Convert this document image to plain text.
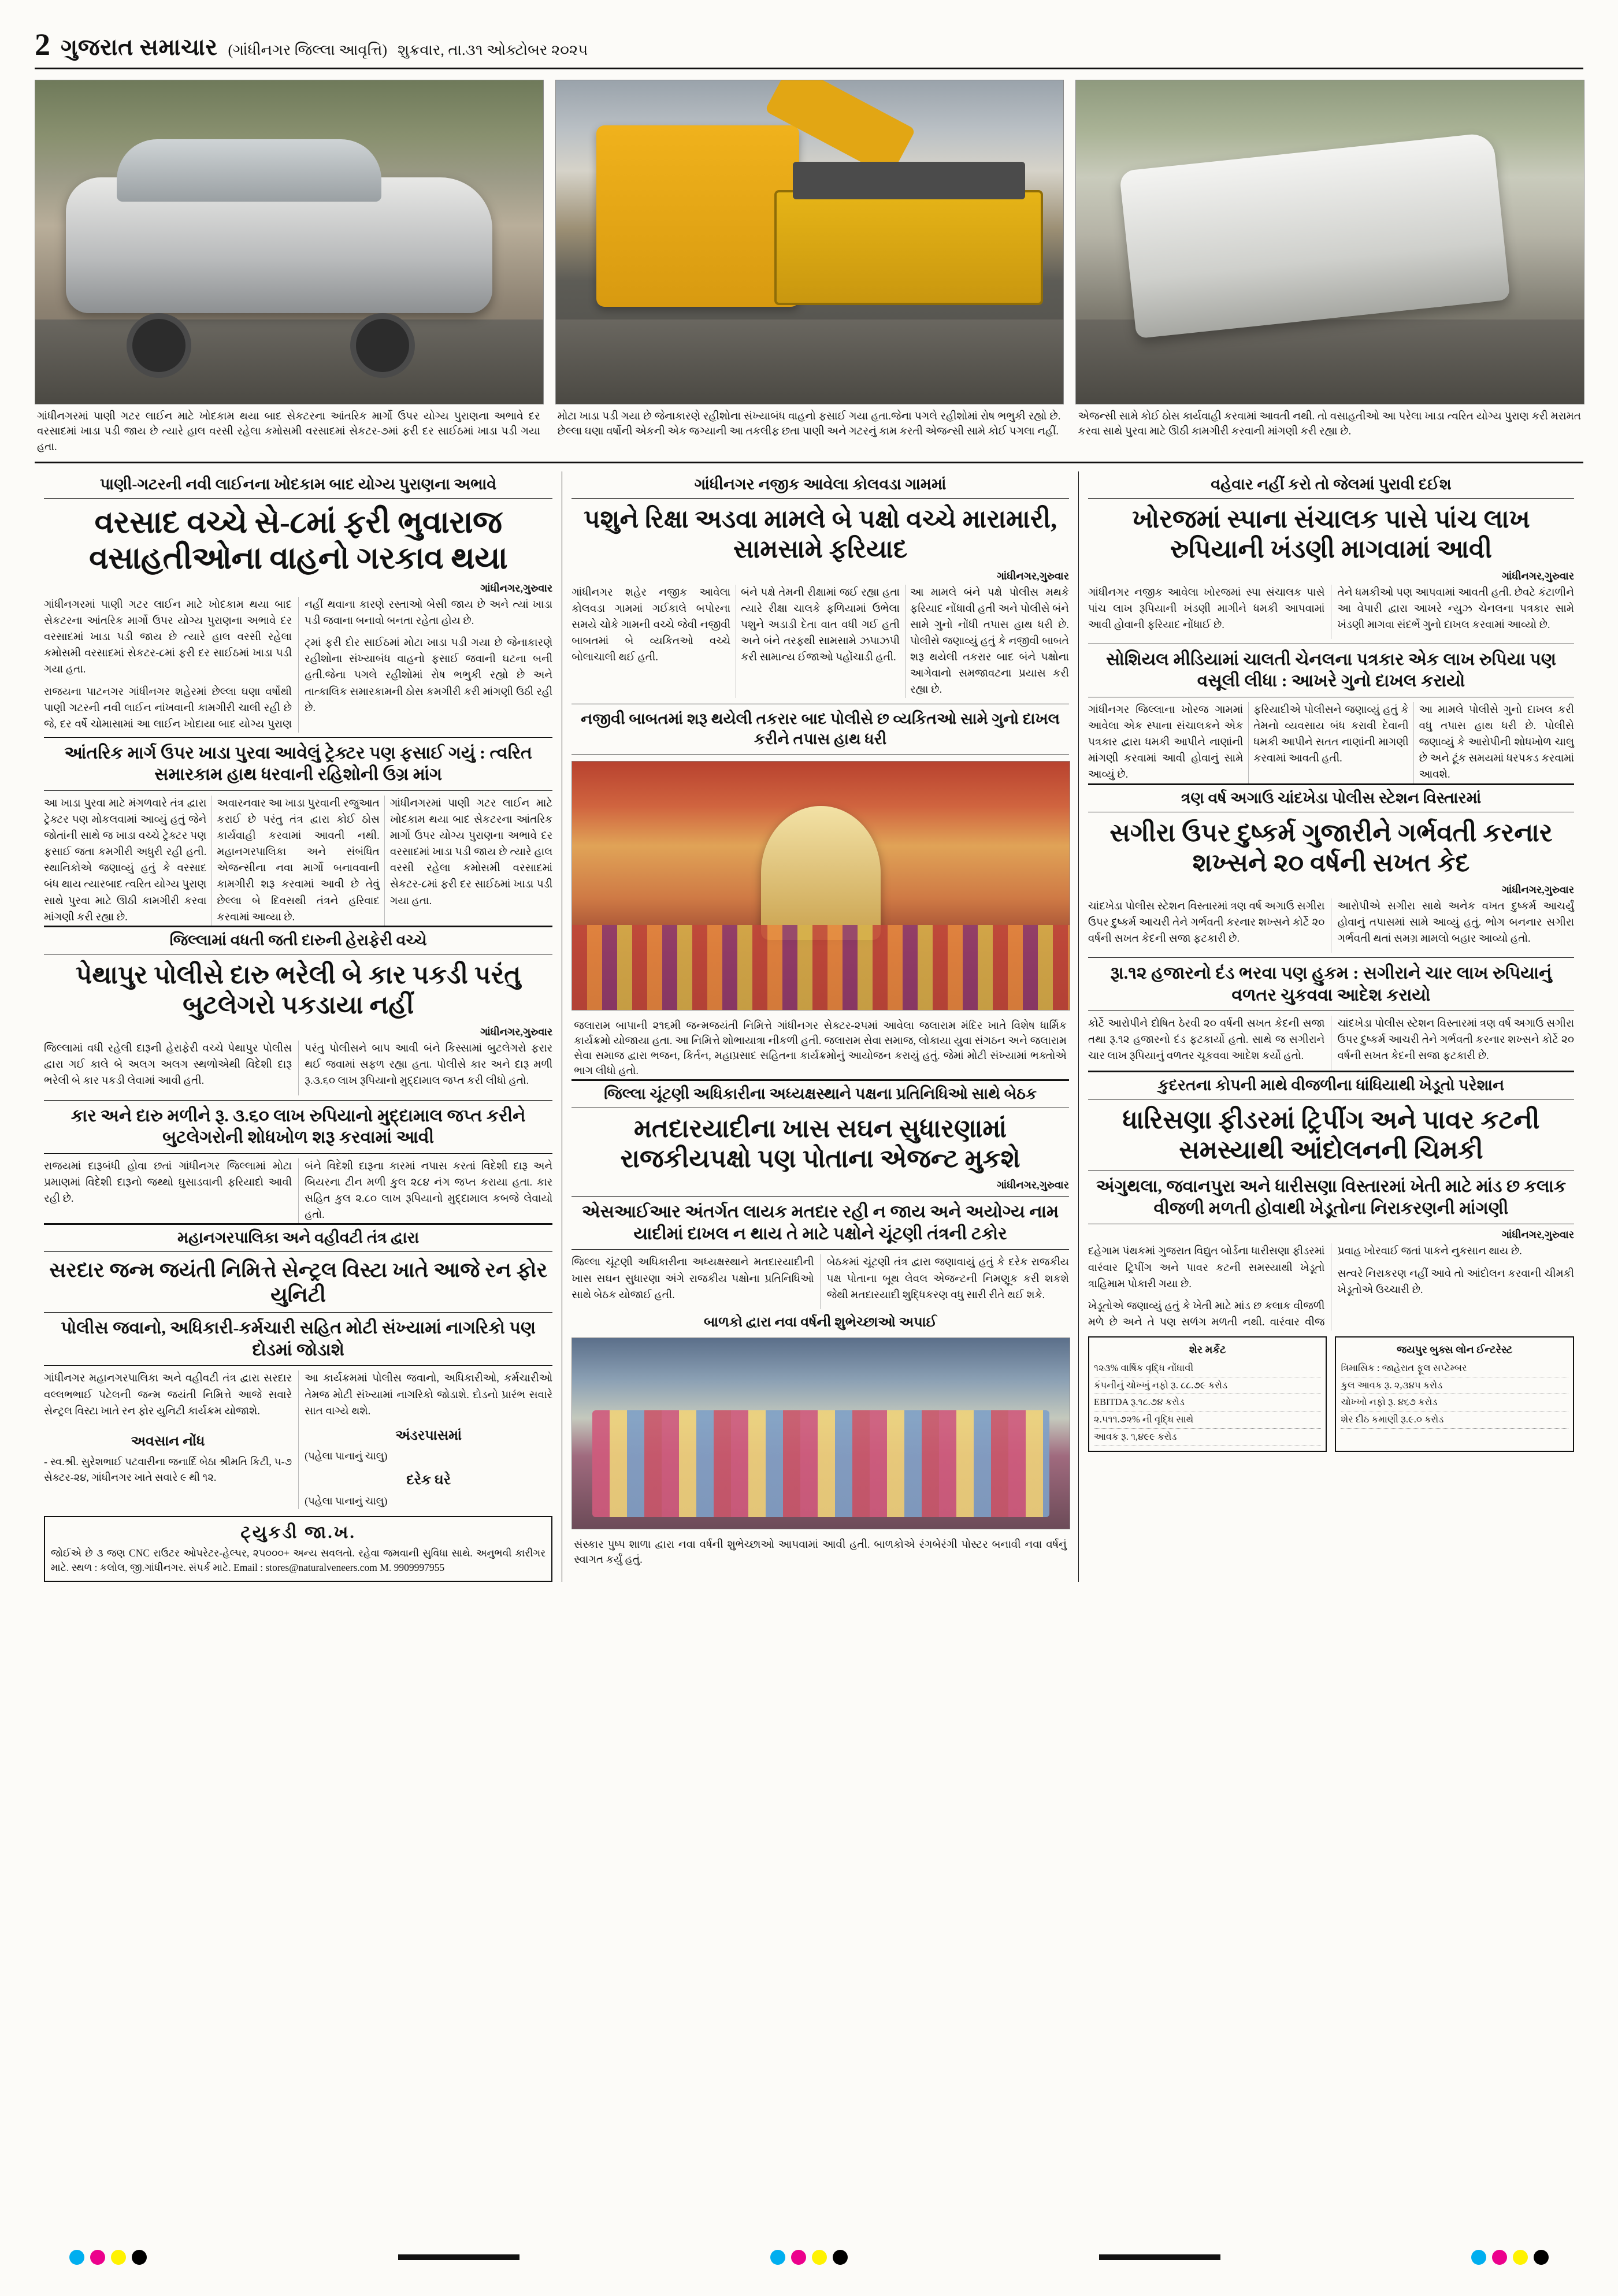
2 ગુજરાત સમાચાર (ગાંધીનગર જિલ્લા આવૃત્તિ) શુક્રવાર, તા.૩૧ ઓક્ટોબર ૨૦૨૫
ગાંધીનગરમાં પાણી ગટર લાઈન માટે ખોદકામ થયા બાદ સેકટરના આંતરિક માર્ગો ઉપર યોગ્ય પુરાણના અભાવે દર વરસાદમાં ખાડા પડી જાય છે ત્યારે હાલ વરસી રહેલા કમોસમી વરસાદમાં સેકટર-૭માં ફરી દર સાઈઠમાં ખાડા પડી ગયા હતા.
મોટા ખાડા પડી ગયા છે જેનાકારણે રહીશોના સંખ્યાબંધ વાહનો ફસાઈ ગયા હતા.જેના પગલે રહીશોમાં રોષ ભભુકી રહ્યો છે. છેલ્લા ઘણા વર્ષોની એકની એક જગ્યાની આ તકલીફ છતા પાણી અને ગટરનું કામ કરતી એજન્સી સામે કોઈ પગલા નહીં.
એજન્સી સામે કોઈ ઠોસ કાર્યવાહી કરવામાં આવતી નથી. તો વસાહતીઓ આ પરેલા ખાડા ત્વરિત યોગ્ય પુરાણ કરી મરામત કરવા સાથે પુરવા માટે ઊઠી કામગીરી કરવાની માંગણી કરી રહ્યા છે.
પાણી-ગટરની નવી લાઈનના ખોદકામ બાદ યોગ્ય પુરાણના અભાવે
વરસાદ વચ્ચે સે-૮માં ફરી ભુવારાજ વસાહતીઓના વાહનો ગરકાવ થયા
ગાંધીનગર,ગુરુવાર

ગાંધીનગરમાં પાણી ગટર લાઈન માટે ખોદકામ થયા બાદ સેકટરના આંતરિક માર્ગો ઉપર યોગ્ય પુરાણના અભાવે દર વરસાદમાં ખાડા પડી જાય છે ત્યારે હાલ વરસી રહેલા કમોસમી વરસાદમાં સેકટર-૮માં ફરી દર સાઈઠમાં ખાડા પડી ગયા હતા.

રાજયના પાટનગર ગાંધીનગર શહેરમાં છેલ્લા ઘણા વર્ષોથી પાણી ગટરની નવી લાઈન નાંખવાની કામગીરી ચાલી રહી છે જે, દર વર્ષે ચોમાસામાં આ લાઈન ખોદાયા બાદ યોગ્ય પુરાણ નહીં થવાના કારણે રસ્તાઓ બેસી જાય છે અને ત્યાં ખાડા પડી જવાના બનાવો બનતા રહેતા હોય છે.

ટ્માં ફરી દોર સાઈઠમાં મોટા ખાડા પડી ગયા છે જેનાકારણે રહીશોના સંખ્યાબંધ વાહનો ફસાઈ જવાની ઘટના બની હતી.જેના પગલે રહીશોમાં રોષ ભભુકી રહ્યો છે અને તાત્કાલિક સમારકામની ઠોસ કમગીરી કરી માંગણી ઉઠી રહી છે.

આંતરિક માર્ગ ઉપર ખાડા પુરવા આવેલું ટ્રેક્ટર પણ ફસાઈ ગયું : ત્વરિત સમારકામ હાથ ધરવાની રહિશોની ઉગ્ર માંગ

આ ખાડા પુરવા માટે મંગળવારે તંત્ર દ્વારા ટ્રેક્ટર પણ મોકલવામાં આવ્યું હતું જેને જોતાંની સાથે જ ખાડા વચ્ચે ટ્રેક્ટર પણ ફસાઈ જતા કમગીરી અધુરી રહી હતી. સ્થાનિકોએ જણાવ્યું હતું કે વરસાદ બંધ થાય ત્યારબાદ ત્વરિત યોગ્ય પુરાણ સાથે પુરવા માટે ઊઠી કામગીરી કરવા માંગણી કરી રહ્યા છે.

અવારનવાર આ ખાડા પુરવાની રજુઆત કરાઈ છે પરંતુ તંત્ર દ્વારા કોઈ ઠોસ કાર્યવાહી કરવામાં આવતી નથી. મહાનગરપાલિકા અને સંબંધિત એજન્સીના નવા માર્ગો બનાવવાની કામગીરી શરૂ કરવામાં આવી છે તેવું છેલ્લા બે દિવસથી તંત્રને હરિવાદ કરવામાં આવ્યા છે.

ગાંધીનગરમાં પાણી ગટર લાઈન માટે ખોદકામ થયા બાદ સેકટરના આંતરિક માર્ગો ઉપર યોગ્ય પુરાણના અભાવે દર વરસાદમાં ખાડા પડી જાય છે ત્યારે હાલ વરસી રહેલા કમોસમી વરસાદમાં સેકટર-૮માં ફરી દર સાઈઠમાં ખાડા પડી ગયા હતા.

જિલ્લામાં વધતી જતી દારુની હેરાફેરી વચ્ચે
પેથાપુર પોલીસે દારુ ભરેલી બે કાર પકડી પરંતુ બુટલેગરો પકડાયા નહીં
ગાંધીનગર,ગુરુવાર

જિલ્લામાં વધી રહેલી દારૂની હેરાફેરી વચ્ચે પેથાપુર પોલીસ દ્વારા ગઈ કાલે બે અલગ અલગ સ્થળોએથી વિદેશી દારૂ ભરેલી બે કાર પકડી લેવામાં આવી હતી.

પરંતુ પોલીસને બાપ આવી બંને કિસ્સામાં બુટલેગરો ફરાર થઈ જવામાં સફળ રહ્યા હતા. પોલીસે કાર અને દારૂ મળી રૂ.૩.૬૦ લાખ રૂપિયાનો મુદ્દામાલ જપ્ત કરી લીધો હતો.

કાર અને દારુ મળીને રૂ. ૩.૬૦ લાખ રુપિયાનો મુદ્દામાલ જપ્ત કરીને બુટલેગરોની શોધખોળ શરૂ કરવામાં આવી

રાજયમાં દારૂબંધી હોવા છતાં ગાંધીનગર જિલ્લામાં મોટા પ્રમાણમાં વિદેશી દારૂનો જથ્થો ઘુસાડવાની ફરિયાદો આવી રહી છે.

બંને વિદેશી દારૂના કારમાં નપાસ કરતાં વિદેશી દારૂ અને બિયરના ટીન મળી કુલ ૨૮૪ નંગ જપ્ત કરાયા હતા. કાર સહિત કુલ ૨.૮૦ લાખ રૂપિયાનો મુદ્દામાલ કબજે લેવાયો હતો.

મહાનગરપાલિકા અને વહીવટી તંત્ર દ્વારા
સરદાર જન્મ જયંતી નિમિત્તે સેન્ટ્રલ વિસ્ટા ખાતે આજે રન ફોર યુનિટી
પોલીસ જવાનો, અધિકારી-કર્મચારી સહિત મોટી સંખ્યામાં નાગરિકો પણ દોડમાં જોડાશે

ગાંધીનગર મહાનગરપાલિકા અને વહીવટી તંત્ર દ્વારા સરદાર વલ્લભભાઈ પટેલની જન્મ જયંતી નિમિત્તે આજે સવારે સેન્ટ્રલ વિસ્ટા ખાતે રન ફોર યુનિટી કાર્યક્રમ યોજાશે.

આ કાર્યક્રમમાં પોલીસ જવાનો, અધિકારીઓ, કર્મચારીઓ તેમજ મોટી સંખ્યામાં નાગરિકો જોડાશે. દોડનો પ્રારંભ સવારે સાત વાગ્યે થશે.

અવસાન નોંધ

- સ્વ.શ્રી. સુરેશભાઈ પટવારીના જનાર્દિ બેઠા શ્રીમતિ કિટી, ૫-૭ સેક્ટર-૨૪, ગાંધીનગર ખાતે સવારે ૯ થી ૧૨.

અંડરપાસમાં

(પહેલા પાનાનું ચાલુ)

દરેક ઘરે

(પહેલા પાનાનું ચાલુ)

ટ્યુકડી જા.ખ.
જોઈએ છે ૩ જણ CNC રાઉટર ઓપરેટર-હેલ્પર, ૨૫૦૦૦+ અન્ય સવલતો. રહેવા જમવાની સુવિધા સાથે. અનુભવી કારીગર માટે. સ્થળ : કલોલ, જી.ગાંધીનગર. સંપર્ક માટે. Email : stores@naturalveneers.com M. 9909997955
ગાંધીનગર નજીક આવેલા કોલવડા ગામમાં
પશુને રિક્ષા અડવા મામલે બે પક્ષો વચ્ચે મારામારી, સામસામે ફરિયાદ
ગાંધીનગર,ગુરુવાર

ગાંધીનગર શહેર નજીક આવેલા કોલવડા ગામમાં ગઈકાલે બપોરના સમયે ચોકે ગામની વચ્ચે જેવી નજીવી બાબતમાં બે વ્યકિતઓ વચ્ચે બોલાચાલી થઈ હતી.

બંને પક્ષે તેમની રીક્ષામાં જઈ રહ્યા હતા ત્યારે રીક્ષા ચાલકે ફળિયામાં ઉભેલા પશુને અડાડી દેતા વાત વધી ગઈ હતી અને બંને તરફથી સામસામે ઝપાઝપી કરી સામાન્ય ઈજાઓ પહોંચાડી હતી.

આ મામલે બંને પક્ષે પોલીસ મથકે ફરિયાદ નોંધાવી હતી અને પોલીસે બંને સામે ગુનો નોંધી તપાસ હાથ ધરી છે. પોલીસે જણાવ્યું હતું કે નજીવી બાબતે શરૂ થયેલી તકરાર બાદ બંને પક્ષોના આગેવાનો સમજાવટના પ્રયાસ કરી રહ્યા છે.

નજીવી બાબતમાં શરૂ થયેલી તકરાર બાદ પોલીસે છ વ્યકિતઓ સામે ગુનો દાખલ કરીને તપાસ હાથ ધરી
જલારામ બાપાની ૨૧૬મી જન્મજયંતી નિમિત્તે ગાંધીનગર સેક્ટર-૨૫માં આવેલા જલારામ મંદિર ખાતે વિશેષ ધાર્મિક કાર્યક્રમો યોજાયા હતા. આ નિમિત્તે શોભાયાત્રા નીકળી હતી. જલારામ સેવા સમાજ, લોકાયા યુવા સંગઠન અને જલારામ સેવા સમાજ દ્વારા ભજન, કિર્તન, મહાપ્રસાદ સહિતના કાર્યક્રમોનું આયોજન કરાયું હતું. જેમાં મોટી સંખ્યામાં ભક્તોએ ભાગ લીધો હતો.
જિલ્લા ચૂંટણી અધિકારીના અધ્યક્ષસ્થાને પક્ષના પ્રતિનિધિઓ સાથે બેઠક
મતદારયાદીના ખાસ સઘન સુધારણામાં રાજકીયપક્ષો પણ પોતાના એજન્ટ મુકશે
ગાંધીનગર,ગુરુવાર
એસઆઈઆર અંતર્ગત લાયક મતદાર રહી ન જાય અને અયોગ્ય નામ યાદીમાં દાખલ ન થાય તે માટે પક્ષોને ચૂંટણી તંત્રની ટકોર

જિલ્લા ચૂંટણી અધિકારીના અધ્યક્ષસ્થાને મતદારયાદીની ખાસ સઘન સુધારણા અંગે રાજકીય પક્ષોના પ્રતિનિધિઓ સાથે બેઠક યોજાઈ હતી.

બેઠકમાં ચૂંટણી તંત્ર દ્વારા જણાવાયું હતું કે દરેક રાજકીય પક્ષ પોતાના બૂથ લેવલ એજન્ટની નિમણૂક કરી શકશે જેથી મતદારયાદી શુદ્ધિકરણ વધુ સારી રીતે થઈ શકે.

બાળકો દ્વારા નવા વર્ષની શુભેચ્છાઓ અપાઈ
સંસ્કાર પુષ્પ શાળા દ્વારા નવા વર્ષની શુભેચ્છાઓ આપવામાં આવી હતી. બાળકોએ રંગબેરંગી પોસ્ટર બનાવી નવા વર્ષનું સ્વાગત કર્યું હતું.
વહેવાર નહીં કરો તો જેલમાં પુરાવી દઈશ
ખોરજમાં સ્પાના સંચાલક પાસે પાંચ લાખ રુપિયાની ખંડણી માગવામાં આવી
ગાંધીનગર,ગુરુવાર

ગાંધીનગર નજીક આવેલા ખોરજમાં સ્પા સંચાલક પાસે પાંચ લાખ રૂપિયાની ખંડણી માગીને ધમકી આપવામાં આવી હોવાની ફરિયાદ નોંધાઈ છે.

તેને ધમકીઓ પણ આપવામાં આવતી હતી. છેવટે કંટાળીને આ વેપારી દ્વારા આખરે ન્યુઝ ચેનલના પત્રકાર સામે ખંડણી માગવા સંદર્ભે ગુનો દાખલ કરવામાં આવ્યો છે.

સોશિયલ મીડિયામાં ચાલતી ચેનલના પત્રકાર એક લાખ રુપિયા પણ વસૂલી લીધા : આખરે ગુનો દાખલ કરાયો

ગાંધીનગર જિલ્લાના ખોરજ ગામમાં આવેલા એક સ્પાના સંચાલકને એક પત્રકાર દ્વારા ધમકી આપીને નાણાંની માંગણી કરવામાં આવી હોવાનું સામે આવ્યું છે.

ફરિયાદીએ પોલીસને જણાવ્યું હતું કે તેમનો વ્યવસાય બંધ કરાવી દેવાની ધમકી આપીને સતત નાણાંની માગણી કરવામાં આવતી હતી.

આ મામલે પોલીસે ગુનો દાખલ કરી વધુ તપાસ હાથ ધરી છે. પોલીસે જણાવ્યું કે આરોપીની શોધખોળ ચાલુ છે અને ટૂંક સમયમાં ધરપકડ કરવામાં આવશે.

ત્રણ વર્ષ અગાઉ ચાંદખેડા પોલીસ સ્ટેશન વિસ્તારમાં
સગીરા ઉપર દુષ્કર્મ ગુજારીને ગર્ભવતી કરનાર શખ્સને ૨૦ વર્ષની સખત કેદ
ગાંધીનગર,ગુરુવાર

ચાંદખેડા પોલીસ સ્ટેશન વિસ્તારમાં ત્રણ વર્ષ અગાઉ સગીરા ઉપર દુષ્કર્મ આચરી તેને ગર્ભવતી કરનાર શખ્સને કોર્ટે ૨૦ વર્ષની સખત કેદની સજા ફટકારી છે.

આરોપીએ સગીરા સાથે અનેક વખત દુષ્કર્મ આચર્યું હોવાનું તપાસમાં સામે આવ્યું હતું. ભોગ બનનાર સગીરા ગર્ભવતી થતાં સમગ્ર મામલો બહાર આવ્યો હતો.

રૂા.૧૨ હજારનો દંડ ભરવા પણ હુકમ : સગીરાને ચાર લાખ રુપિયાનું વળતર ચુકવવા આદેશ કરાયો

કોર્ટે આરોપીને દોષિત ઠેરવી ૨૦ વર્ષની સખત કેદની સજા તથા રૂ.૧૨ હજારનો દંડ ફટકાર્યો હતો. સાથે જ સગીરાને ચાર લાખ રૂપિયાનું વળતર ચૂકવવા આદેશ કર્યો હતો.

ચાંદખેડા પોલીસ સ્ટેશન વિસ્તારમાં ત્રણ વર્ષ અગાઉ સગીરા ઉપર દુષ્કર્મ આચરી તેને ગર્ભવતી કરનાર શખ્સને કોર્ટે ૨૦ વર્ષની સખત કેદની સજા ફટકારી છે.

કુદરતના કોપની માથે વીજળીના ધાંધિયાથી ખેડૂતો પરેશાન
ધારિસણા ફીડરમાં ટ્રિપીંગ અને પાવર કટની સમસ્યાથી આંદોલનની ચિમકી
અંગુથલા, જવાનપુરા અને ધારીસણા વિસ્તારમાં ખેતી માટે માંડ છ કલાક વીજળી મળતી હોવાથી ખેડૂતોના નિરાકરણની માંગણી
ગાંધીનગર,ગુરુવાર

દહેગામ પંથકમાં ગુજરાત વિદ્યુત બોર્ડના ધારીસણા ફીડરમાં વારંવાર ટ્રિપીંગ અને પાવર કટની સમસ્યાથી ખેડૂતો ત્રાહિમામ પોકારી ગયા છે.

ખેડૂતોએ જણાવ્યું હતું કે ખેતી માટે માંડ છ કલાક વીજળી મળે છે અને તે પણ સળંગ મળતી નથી. વારંવાર વીજ પ્રવાહ ખોરવાઈ જતાં પાકને નુકસાન થાય છે.

સત્વરે નિરાકરણ નહીં આવે તો આંદોલન કરવાની ચીમકી ખેડૂતોએ ઉચ્ચારી છે.

શેર મર્કેટ
૧૨૩% વાર્ષિક વૃદ્ધિ નોંધાવી
કંપનીનું ચોખ્ખું નફો રૂ. ૮૮.૭૯ કરોડ
EBITDA રૂ.૧૮.૭૪ કરોડ
૨.૫૧૧.૭૨% ની વૃદ્ધિ સાથે
આવક રૂ. ૧,૪૯૯ કરોડ
જયપુર બુક્સ લોન ઈન્ટરેસ્ટ
ત્રિમાસિક : જાહેરાત ફૂલ સપ્ટેમ્બર
કુલ આવક રૂ. ૨,૩૪૫ કરોડ
ચોખ્ખો નફો રૂ. ૪૬૭ કરોડ
શેર દીઠ કમાણી રૂ.૯.૦ કરોડ
